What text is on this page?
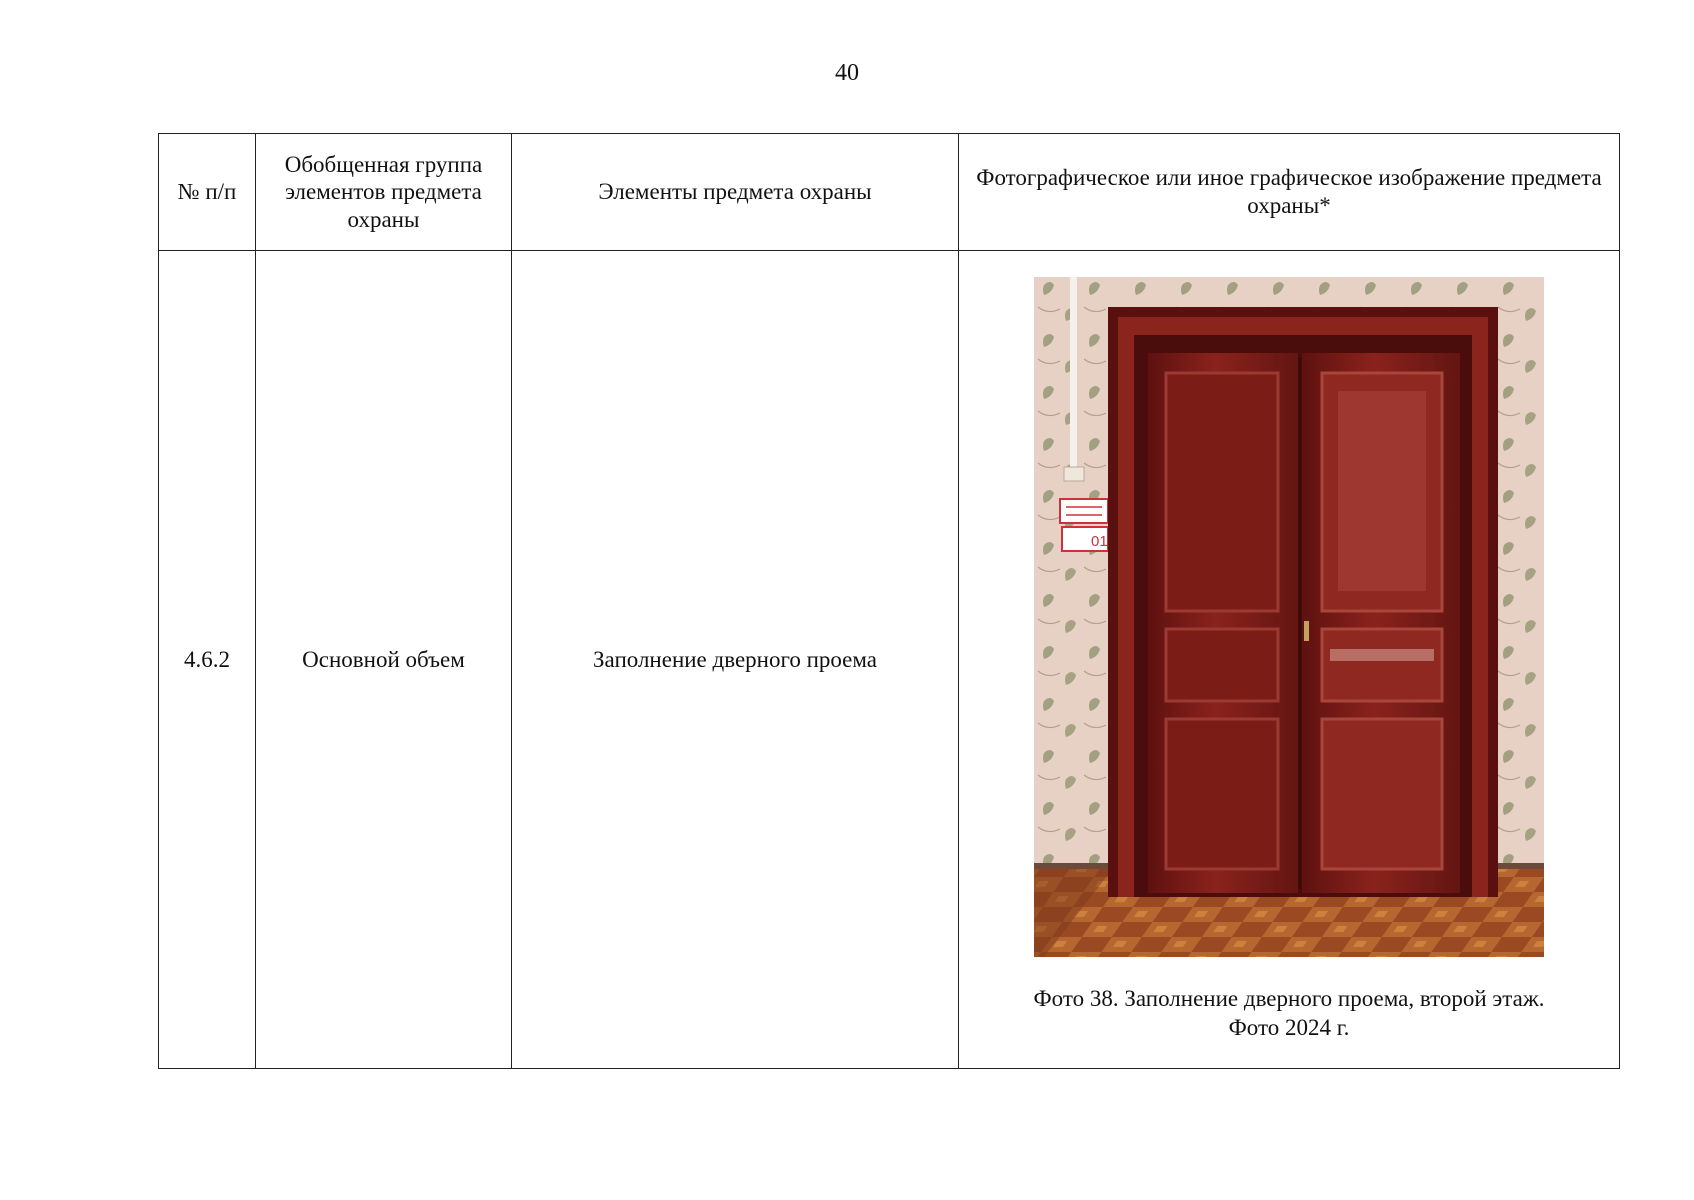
40
№ п/п	Обобщенная группа элементов предмета охраны	Элементы предмета охраны	Фотографическое или иное графическое изображение предмета охраны*
4.6.2	Основной объем	Заполнение дверного проема	01
Фото 38. Заполнение дверного проема, второй этаж.
Фото 2024 г.
